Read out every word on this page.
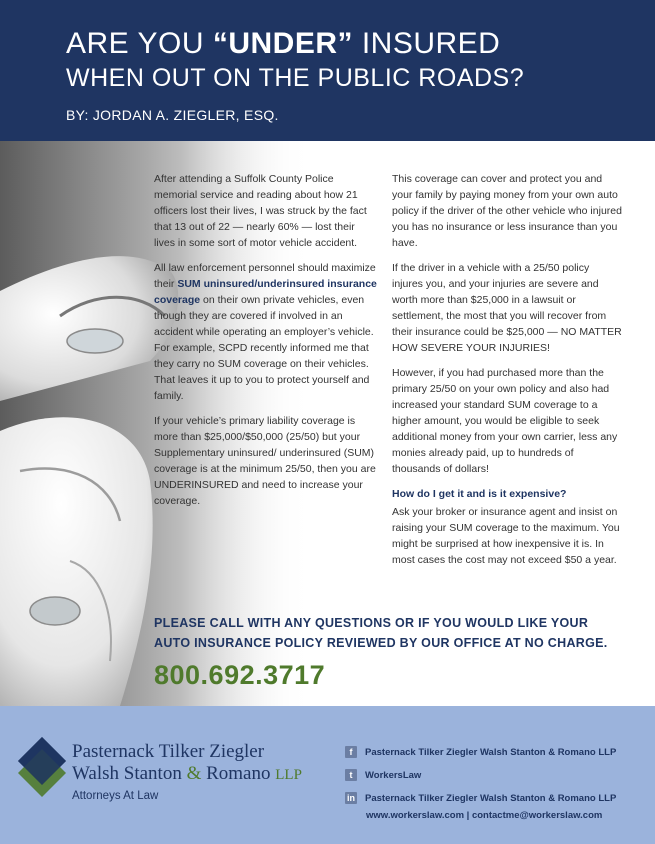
ARE YOU “UNDER” INSURED
WHEN OUT ON THE PUBLIC ROADS?
BY: JORDAN A. ZIEGLER, ESQ.

After attending a Suffolk County Police memorial service and reading about how 21 officers lost their lives, I was struck by the fact that 13 out of 22 — nearly 60% — lost their lives in some sort of motor vehicle accident.

All law enforcement personnel should maximize their SUM uninsured/underinsured insurance coverage on their own private vehicles, even though they are covered if involved in an accident while operating an employer’s vehicle. For example, SCPD recently informed me that they carry no SUM coverage on their vehicles. That leaves it up to you to protect yourself and family.

If your vehicle’s primary liability coverage is more than $25,000/$50,000 (25/50) but your Supplementary uninsured/ underinsured (SUM) coverage is at the minimum 25/50, then you are UNDERINSURED and need to increase your coverage.

This coverage can cover and protect you and your family by paying money from your own auto policy if the driver of the other vehicle who injured you has no insurance or less insurance than you have.

If the driver in a vehicle with a 25/50 policy injures you, and your injuries are severe and worth more than $25,000 in a lawsuit or settlement, the most that you will recover from their insurance could be $25,000 — NO MATTER HOW SEVERE YOUR INJURIES!

However, if you had purchased more than the primary 25/50 on your own policy and also had increased your standard SUM coverage to a higher amount, you would be eligible to seek additional money from your own carrier, less any monies already paid, up to hundreds of thousands of dollars!

How do I get it and is it expensive?

Ask your broker or insurance agent and insist on raising your SUM coverage to the maximum. You might be surprised at how inexpensive it is. In most cases the cost may not exceed $50 a year.

PLEASE CALL WITH ANY QUESTIONS OR IF YOU WOULD LIKE YOUR
AUTO INSURANCE POLICY REVIEWED BY OUR OFFICE AT NO CHARGE.
800.692.3717
Pasternack Tilker Ziegler
Walsh Stanton & Romano LLP
Attorneys At Law
f	Pasternack Tilker Ziegler Walsh Stanton & Romano LLP
t	WorkersLaw
in Pasternack Tilker Ziegler Walsh Stanton & Romano LLP
www.workerslaw.com | contactme@workerslaw.com
